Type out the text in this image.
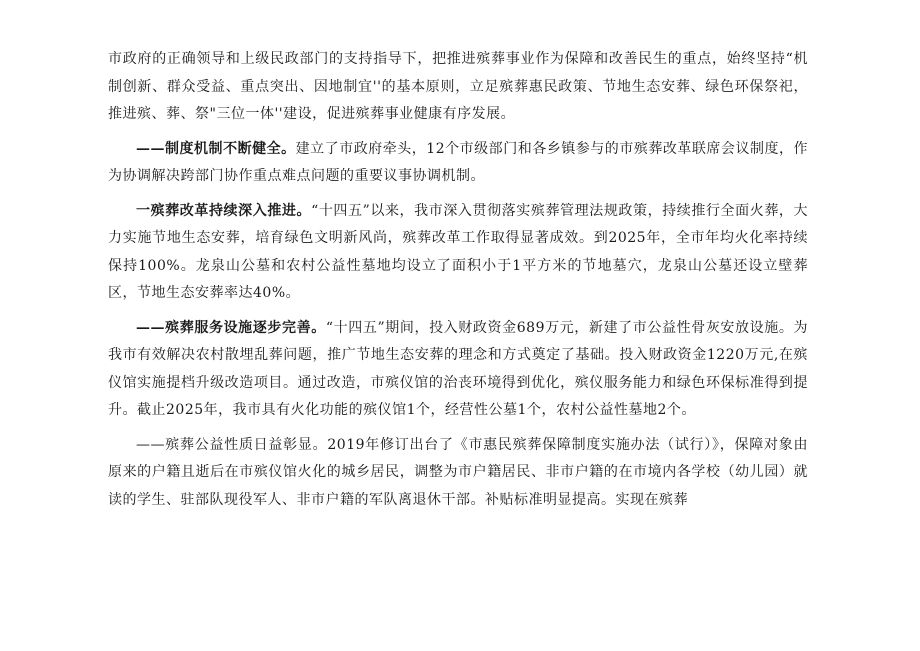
市政府的正确领导和上级民政部门的支持指导下，把推进殡葬事业作为保障和改善民生的重点，始终坚持“机制创新、群众受益、重点突出、因地制宜''的基本原则，立足殡葬惠民政策、节地生态安葬、绿色环保祭祀，推进殡、葬、祭"三位一体''建设，促进殡葬事业健康有序发展。

——制度机制不断健全。建立了市政府牵头，12个市级部门和各乡镇参与的市殡葬改革联席会议制度，作为协调解决跨部门协作重点难点问题的重要议事协调机制。

一殡葬改革持续深入推进。“十四五”以来，我市深入贯彻落实殡葬管理法规政策，持续推行全面火葬，大力实施节地生态安葬，培育绿色文明新风尚，殡葬改革工作取得显著成效。到2025年，全市年均火化率持续保持100%。龙泉山公墓和农村公益性墓地均设立了面积小于1平方米的节地墓穴，龙泉山公墓还设立壁葬区，节地生态安葬率达40%。

——殡葬服务设施逐步完善。“十四五”期间，投入财政资金689万元，新建了市公益性骨灰安放设施。为我市有效解决农村散埋乱葬问题，推广节地生态安葬的理念和方式奠定了基础。投入财政资金1220万元,在殡仪馆实施提档升级改造项目。通过改造，市殡仪馆的治丧环境得到优化，殡仪服务能力和绿色环保标准得到提升。截止2025年，我市具有火化功能的殡仪馆1个，经营性公墓1个，农村公益性墓地2个。

——殡葬公益性质日益彰显。2019年修订出台了《市惠民殡葬保障制度实施办法（试行）》，保障对象由原来的户籍且逝后在市殡仪馆火化的城乡居民，调整为市户籍居民、非市户籍的在市境内各学校（幼儿园）就读的学生、驻部队现役军人、非市户籍的军队离退休干部。补贴标准明显提高。实现在殡葬
